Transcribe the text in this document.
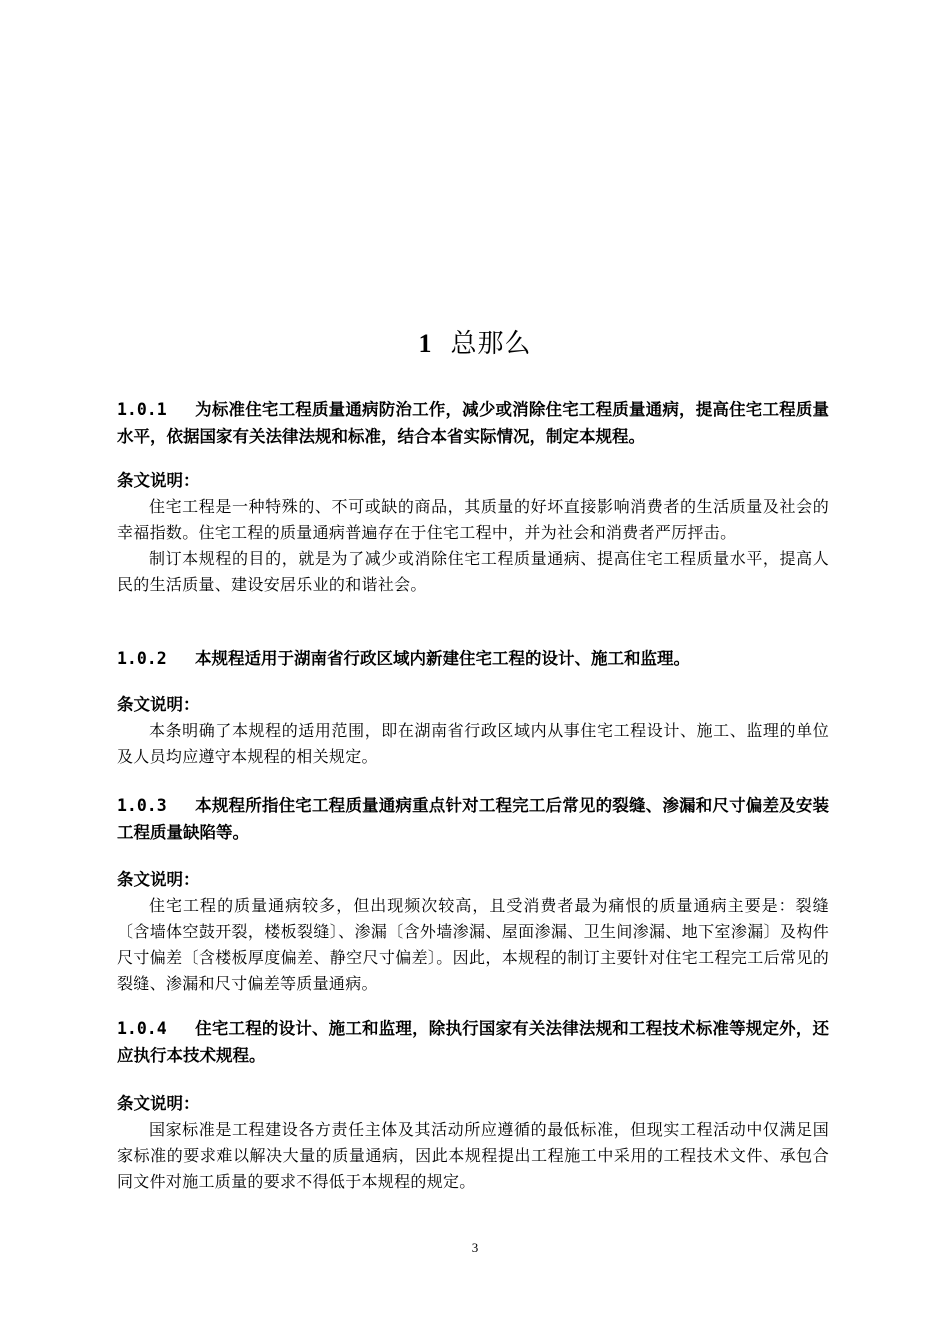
1 总那么
1.0.1 为标准住宅工程质量通病防治工作，减少或消除住宅工程质量通病，提高住宅工程质量水平，依据国家有关法律法规和标准，结合本省实际情况，制定本规程。
条文说明：
住宅工程是一种特殊的、不可或缺的商品，其质量的好坏直接影响消费者的生活质量及社会的幸福指数。住宅工程的质量通病普遍存在于住宅工程中，并为社会和消费者严厉抨击。
制订本规程的目的，就是为了减少或消除住宅工程质量通病、提高住宅工程质量水平，提高人民的生活质量、建设安居乐业的和谐社会。
1.0.2 本规程适用于湖南省行政区域内新建住宅工程的设计、施工和监理。
条文说明：
本条明确了本规程的适用范围，即在湖南省行政区域内从事住宅工程设计、施工、监理的单位及人员均应遵守本规程的相关规定。
1.0.3 本规程所指住宅工程质量通病重点针对工程完工后常见的裂缝、渗漏和尺寸偏差及安装工程质量缺陷等。
条文说明：
住宅工程的质量通病较多，但出现频次较高，且受消费者最为痛恨的质量通病主要是：裂缝〔含墙体空鼓开裂，楼板裂缝〕、渗漏〔含外墙渗漏、屋面渗漏、卫生间渗漏、地下室渗漏〕及构件尺寸偏差〔含楼板厚度偏差、静空尺寸偏差〕。因此，本规程的制订主要针对住宅工程完工后常见的裂缝、渗漏和尺寸偏差等质量通病。
1.0.4 住宅工程的设计、施工和监理，除执行国家有关法律法规和工程技术标准等规定外，还应执行本技术规程。
条文说明：
国家标准是工程建设各方责任主体及其活动所应遵循的最低标准，但现实工程活动中仅满足国家标准的要求难以解决大量的质量通病，因此本规程提出工程施工中采用的工程技术文件、承包合同文件对施工质量的要求不得低于本规程的规定。
3
